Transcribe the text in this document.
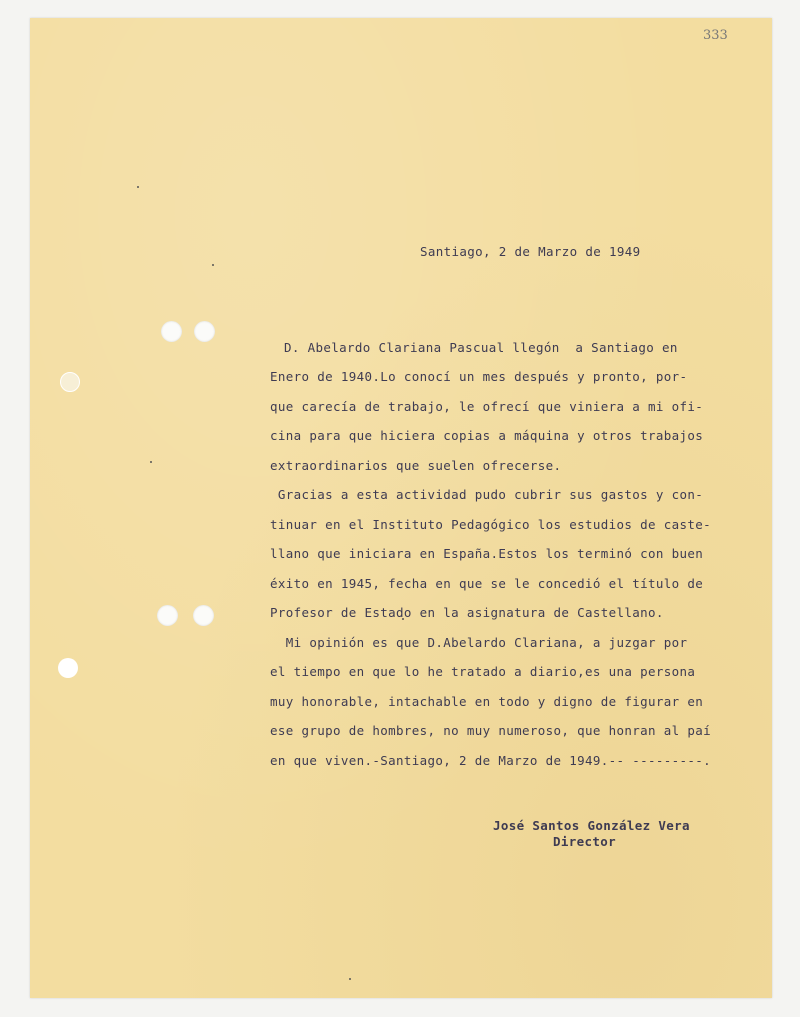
333
Santiago, 2 de Marzo de 1949
D. Abelardo Clariana Pascual llegón  a Santiago en
Enero de 1940.Lo conocí un mes después y pronto, por-
que carecía de trabajo, le ofrecí que viniera a mi ofi-
cina para que hiciera copias a máquina y otros trabajos
extraordinarios que suelen ofrecerse.
Gracias a esta actividad pudo cubrir sus gastos y con-
tinuar en el Instituto Pedagógico los estudios de caste-
llano que iniciara en España.Estos los terminó con buen
éxito en 1945, fecha en que se le concedió el título de
Profesor de Estado en la asignatura de Castellano.
Mi opinión es que D.Abelardo Clariana, a juzgar por
el tiempo en que lo he tratado a diario,es una persona
muy honorable, intachable en todo y digno de figurar en
ese grupo de hombres, no muy numeroso, que honran al paí
en que viven.-Santiago, 2 de Marzo de 1949.-- ---------.
José Santos González Vera
Director
